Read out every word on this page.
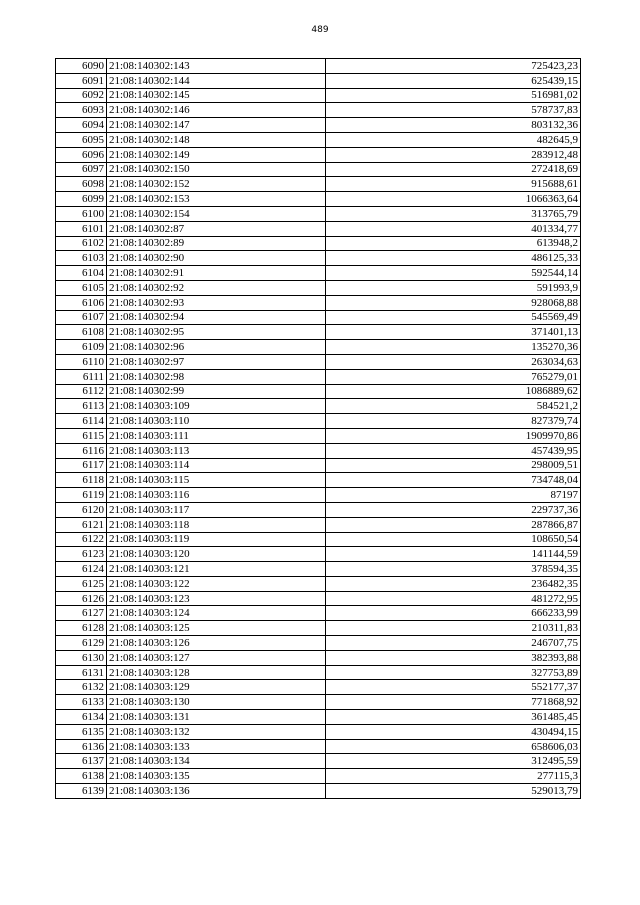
489
6090	21:08:140302:143	725423,23
6091	21:08:140302:144	625439,15
6092	21:08:140302:145	516981,02
6093	21:08:140302:146	578737,83
6094	21:08:140302:147	803132,36
6095	21:08:140302:148	482645,9
6096	21:08:140302:149	283912,48
6097	21:08:140302:150	272418,69
6098	21:08:140302:152	915688,61
6099	21:08:140302:153	1066363,64
6100	21:08:140302:154	313765,79
6101	21:08:140302:87	401334,77
6102	21:08:140302:89	613948,2
6103	21:08:140302:90	486125,33
6104	21:08:140302:91	592544,14
6105	21:08:140302:92	591993,9
6106	21:08:140302:93	928068,88
6107	21:08:140302:94	545569,49
6108	21:08:140302:95	371401,13
6109	21:08:140302:96	135270,36
6110	21:08:140302:97	263034,63
6111	21:08:140302:98	765279,01
6112	21:08:140302:99	1086889,62
6113	21:08:140303:109	584521,2
6114	21:08:140303:110	827379,74
6115	21:08:140303:111	1909970,86
6116	21:08:140303:113	457439,95
6117	21:08:140303:114	298009,51
6118	21:08:140303:115	734748,04
6119	21:08:140303:116	87197
6120	21:08:140303:117	229737,36
6121	21:08:140303:118	287866,87
6122	21:08:140303:119	108650,54
6123	21:08:140303:120	141144,59
6124	21:08:140303:121	378594,35
6125	21:08:140303:122	236482,35
6126	21:08:140303:123	481272,95
6127	21:08:140303:124	666233,99
6128	21:08:140303:125	210311,83
6129	21:08:140303:126	246707,75
6130	21:08:140303:127	382393,88
6131	21:08:140303:128	327753,89
6132	21:08:140303:129	552177,37
6133	21:08:140303:130	771868,92
6134	21:08:140303:131	361485,45
6135	21:08:140303:132	430494,15
6136	21:08:140303:133	658606,03
6137	21:08:140303:134	312495,59
6138	21:08:140303:135	277115,3
6139	21:08:140303:136	529013,79
